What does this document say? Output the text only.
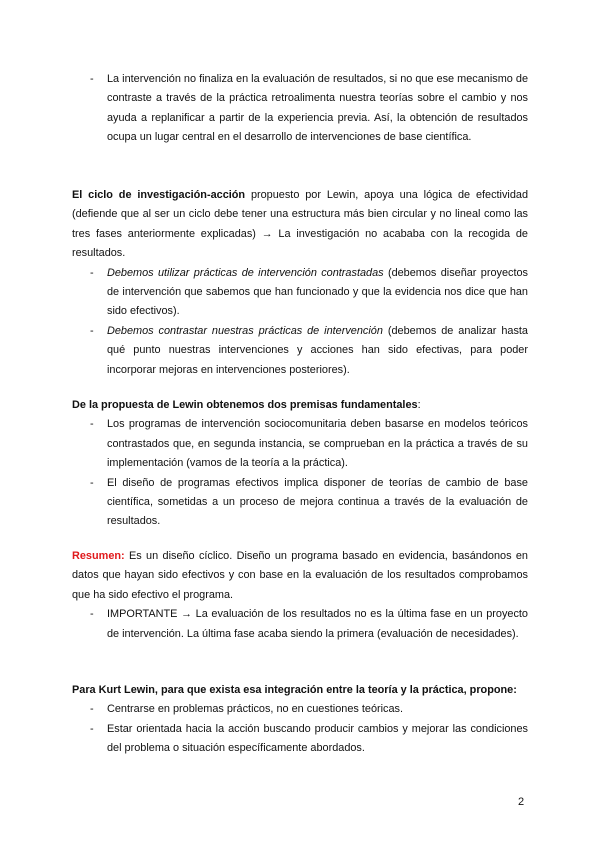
- La intervención no finaliza en la evaluación de resultados, si no que ese mecanismo de contraste a través de la práctica retroalimenta nuestra teorías sobre el cambio y nos ayuda a replanificar a partir de la experiencia previa. Así, la obtención de resultados ocupa un lugar central en el desarrollo de intervenciones de base científica.
El ciclo de investigación-acción propuesto por Lewin, apoya una lógica de efectividad (defiende que al ser un ciclo debe tener una estructura más bien circular y no lineal como las tres fases anteriormente explicadas) → La investigación no acababa con la recogida de resultados.
- Debemos utilizar prácticas de intervención contrastadas (debemos diseñar proyectos de intervención que sabemos que han funcionado y que la evidencia nos dice que han sido efectivos).
- Debemos contrastar nuestras prácticas de intervención (debemos de analizar hasta qué punto nuestras intervenciones y acciones han sido efectivas, para poder incorporar mejoras en intervenciones posteriores).
De la propuesta de Lewin obtenemos dos premisas fundamentales:
- Los programas de intervención sociocomunitaria deben basarse en modelos teóricos contrastados que, en segunda instancia, se comprueban en la práctica a través de su implementación (vamos de la teoría a la práctica).
- El diseño de programas efectivos implica disponer de teorías de cambio de base científica, sometidas a un proceso de mejora continua a través de la evaluación de resultados.
Resumen: Es un diseño cíclico. Diseño un programa basado en evidencia, basándonos en datos que hayan sido efectivos y con base en la evaluación de los resultados comprobamos que ha sido efectivo el programa.
- IMPORTANTE → La evaluación de los resultados no es la última fase en un proyecto de intervención. La última fase acaba siendo la primera (evaluación de necesidades).
Para Kurt Lewin, para que exista esa integración entre la teoría y la práctica, propone:
- Centrarse en problemas prácticos, no en cuestiones teóricas.
- Estar orientada hacia la acción buscando producir cambios y mejorar las condiciones del problema o situación específicamente abordados.
2
